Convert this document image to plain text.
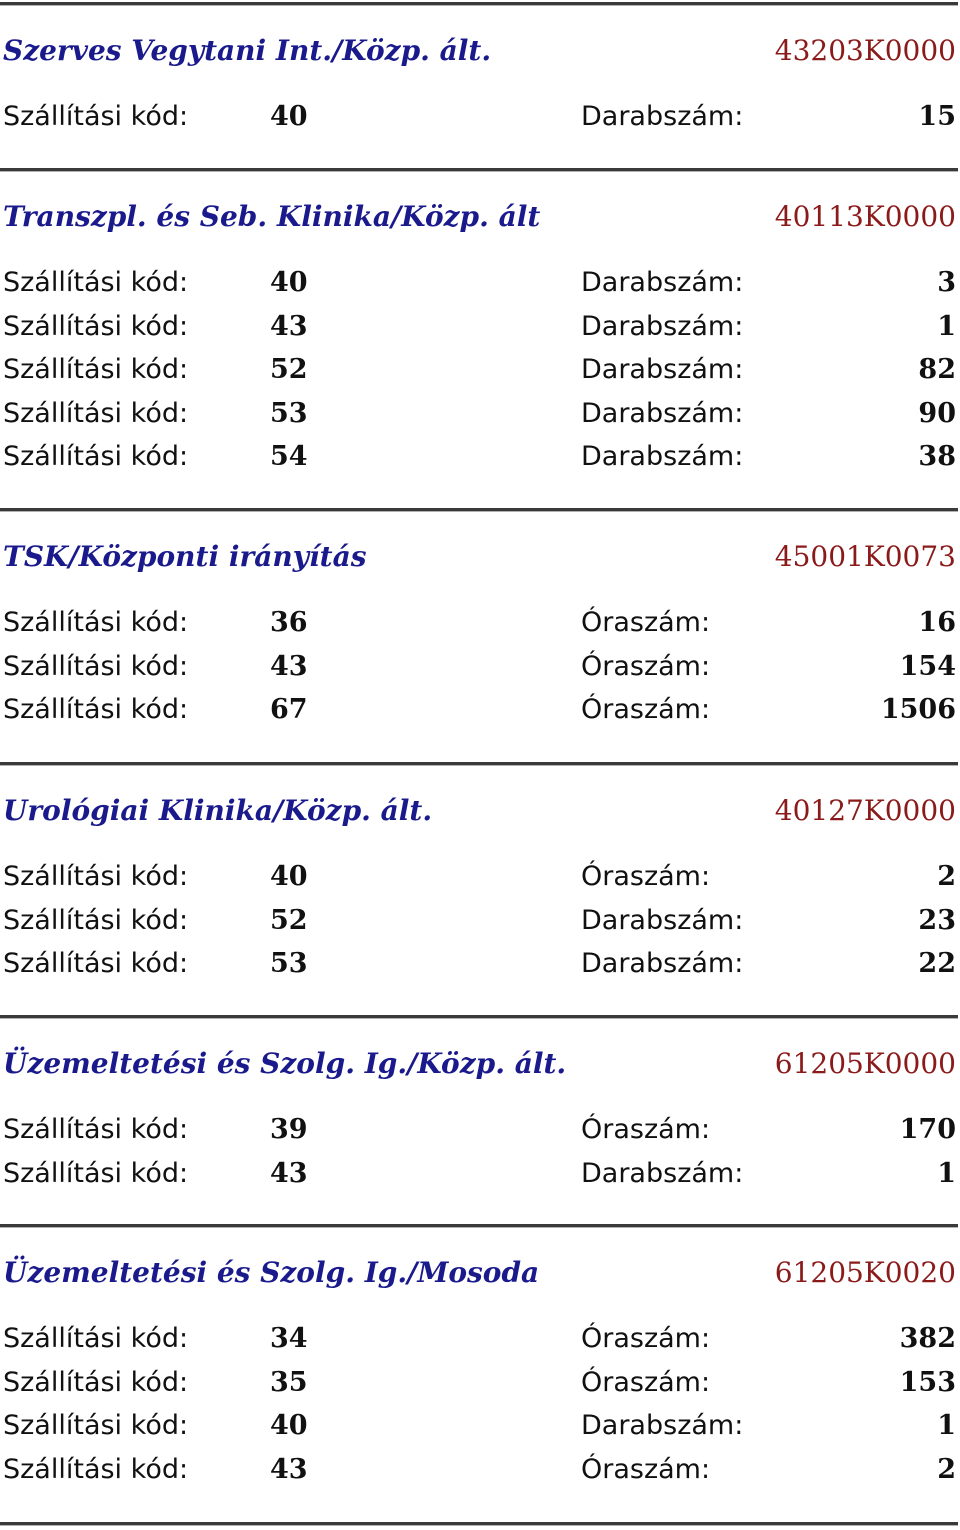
Szerves Vegytani Int./Közp. ált.	43203K0000
Szállítási kód:	40	Darabszám:	15
Transzpl. és Seb. Klinika/Közp. ált	40113K0000
Szállítási kód:	40	Darabszám:	3
Szállítási kód:	43	Darabszám:	1
Szállítási kód:	52	Darabszám:	82
Szállítási kód:	53	Darabszám:	90
Szállítási kód:	54	Darabszám:	38
TSK/Központi irányítás	45001K0073
Szállítási kód:	36	Óraszám:	16
Szállítási kód:	43	Óraszám:	154
Szállítási kód:	67	Óraszám:	1506
Urológiai Klinika/Közp. ált.	40127K0000
Szállítási kód:	40	Óraszám:	2
Szállítási kód:	52	Darabszám:	23
Szállítási kód:	53	Darabszám:	22
Üzemeltetési és Szolg. Ig./Közp. ált.	61205K0000
Szállítási kód:	39	Óraszám:	170
Szállítási kód:	43	Darabszám:	1
Üzemeltetési és Szolg. Ig./Mosoda	61205K0020
Szállítási kód:	34	Óraszám:	382
Szállítási kód:	35	Óraszám:	153
Szállítási kód:	40	Darabszám:	1
Szállítási kód:	43	Óraszám:	2
